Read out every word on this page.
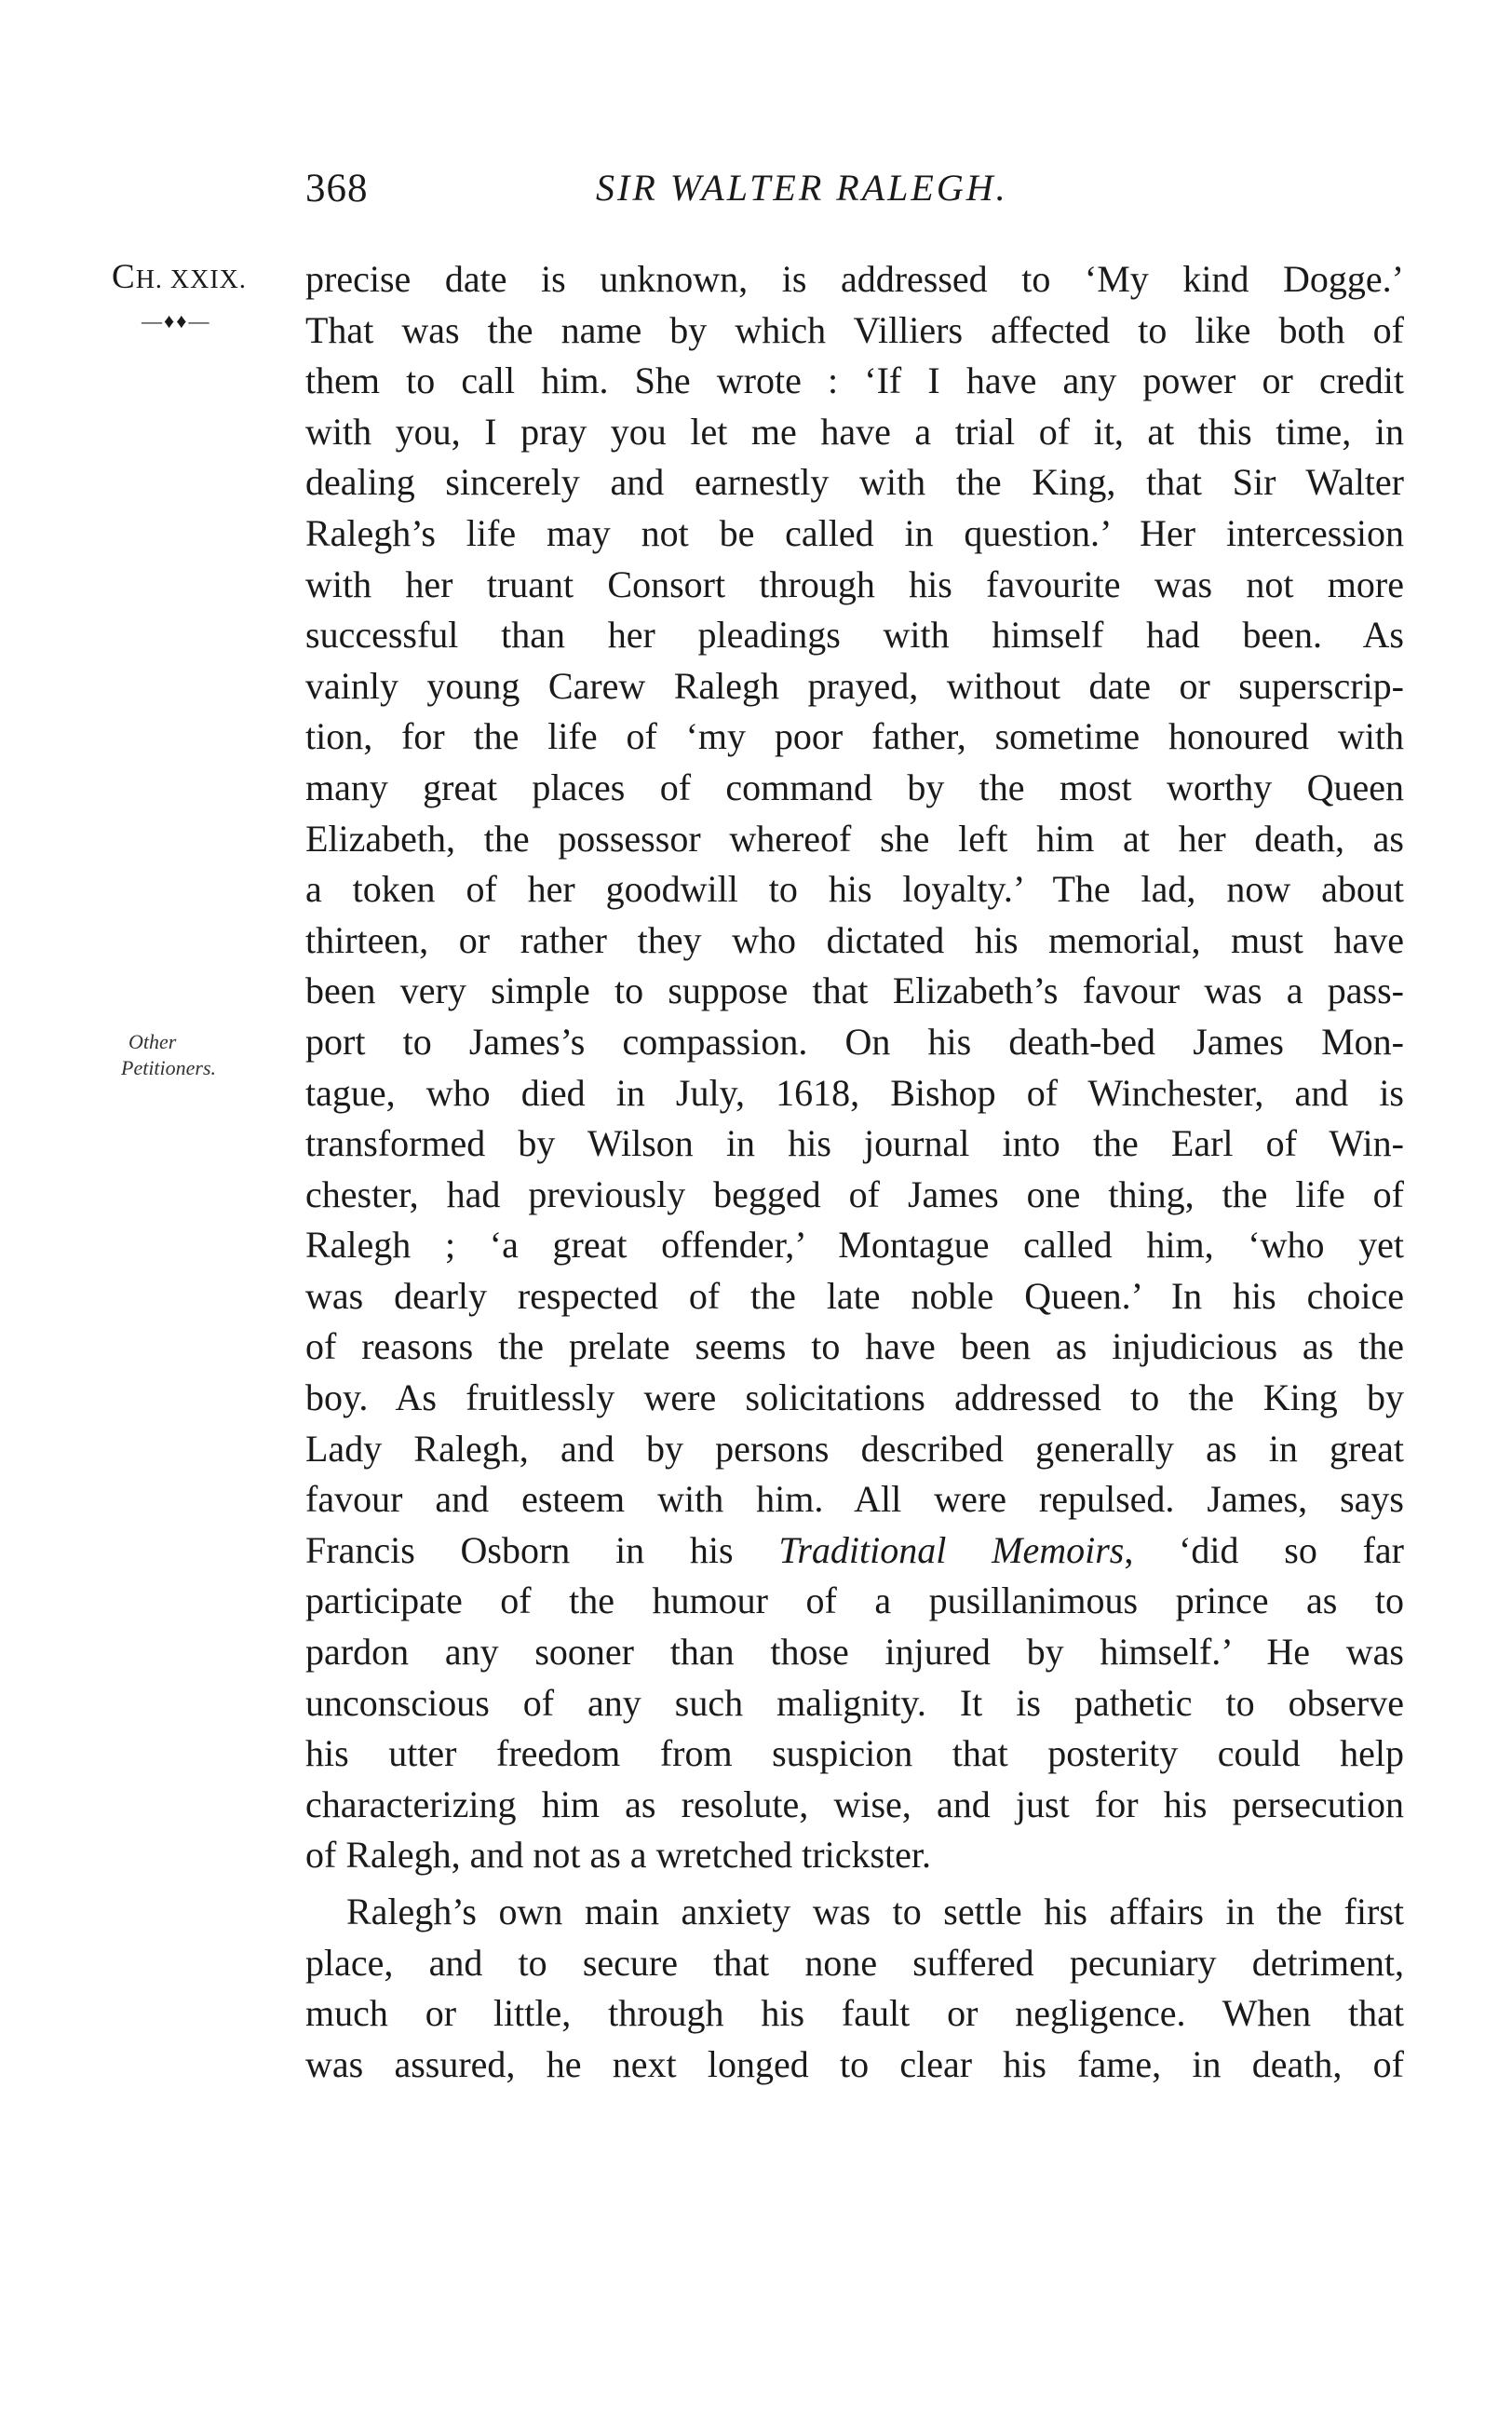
368	SIR WALTER RALEGH.
CH. XXIX.
—♦♦—
Other
Petitioners.
precise date is unknown, is addressed to ‘My kind Dogge.’
That was the name by which Villiers affected to like both of
them to call him. She wrote : ‘If I have any power or credit
with you, I pray you let me have a trial of it, at this time, in
dealing sincerely and earnestly with the King, that Sir Walter
Ralegh’s life may not be called in question.’ Her intercession
with her truant Consort through his favourite was not more
successful than her pleadings with himself had been. As
vainly young Carew Ralegh prayed, without date or superscrip-
tion, for the life of ‘my poor father, sometime honoured with
many great places of command by the most worthy Queen
Elizabeth, the possessor whereof she left him at her death, as
a token of her goodwill to his loyalty.’ The lad, now about
thirteen, or rather they who dictated his memorial, must have
been very simple to suppose that Elizabeth’s favour was a pass-
port to James’s compassion. On his death-bed James Mon-
tague, who died in July, 1618, Bishop of Winchester, and is
transformed by Wilson in his journal into the Earl of Win-
chester, had previously begged of James one thing, the life of
Ralegh ; ‘a great offender,’ Montague called him, ‘who yet
was dearly respected of the late noble Queen.’ In his choice
of reasons the prelate seems to have been as injudicious as the
boy. As fruitlessly were solicitations addressed to the King by
Lady Ralegh, and by persons described generally as in great
favour and esteem with him. All were repulsed. James, says
Francis Osborn in his Traditional Memoirs, ‘did so far
participate of the humour of a pusillanimous prince as to
pardon any sooner than those injured by himself.’ He was
unconscious of any such malignity. It is pathetic to observe
his utter freedom from suspicion that posterity could help
characterizing him as resolute, wise, and just for his persecution
of Ralegh, and not as a wretched trickster.
Ralegh’s own main anxiety was to settle his affairs in the first
place, and to secure that none suffered pecuniary detriment,
much or little, through his fault or negligence. When that
was assured, he next longed to clear his fame, in death, of
